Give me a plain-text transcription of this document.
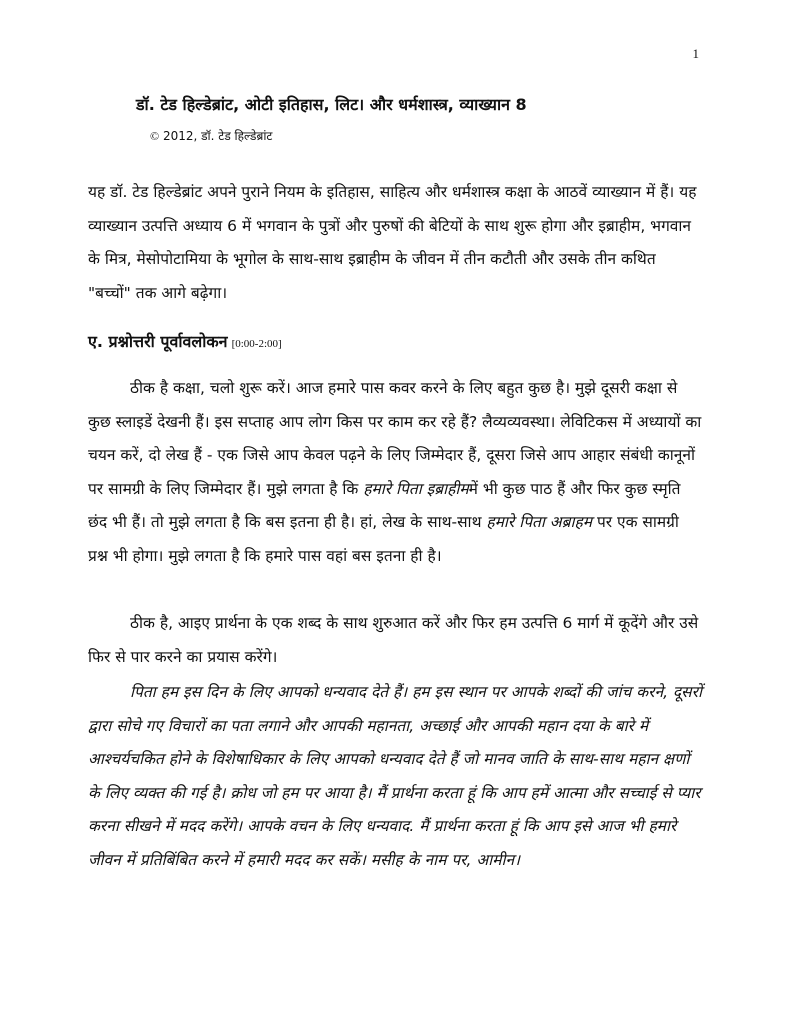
1
डॉ. टेड हिल्डेब्रांट, ओटी इतिहास, लिट। और धर्मशास्त्र, व्याख्यान 8
© 2012, डॉ. टेड हिल्डेब्रांट

यह डॉ. टेड हिल्डेब्रांट अपने पुराने नियम के इतिहास, साहित्य और धर्मशास्त्र कक्षा के आठवें व्याख्यान में हैं। यह व्याख्यान उत्पत्ति अध्याय 6 में भगवान के पुत्रों और पुरुषों की बेटियों के साथ शुरू होगा और इब्राहीम, भगवान के मित्र, मेसोपोटामिया के भूगोल के साथ-साथ इब्राहीम के जीवन में तीन कटौती और उसके तीन कथित "बच्चों" तक आगे बढ़ेगा।

ए. प्रश्नोत्तरी पूर्वावलोकन [0:00-2:00]

ठीक है कक्षा, चलो शुरू करें। आज हमारे पास कवर करने के लिए बहुत कुछ है। मुझे दूसरी कक्षा से कुछ स्लाइडें देखनी हैं। इस सप्ताह आप लोग किस पर काम कर रहे हैं? लैव्यव्यवस्था। लेविटिकस में अध्यायों का चयन करें, दो लेख हैं - एक जिसे आप केवल पढ़ने के लिए जिम्मेदार हैं, दूसरा जिसे आप आहार संबंधी कानूनों पर सामग्री के लिए जिम्मेदार हैं। मुझे लगता है कि हमारे पिता इब्राहीममें भी कुछ पाठ हैं और फिर कुछ स्मृति छंद भी हैं। तो मुझे लगता है कि बस इतना ही है। हां, लेख के साथ-साथ हमारे पिता अब्राहम पर एक सामग्री प्रश्न भी होगा। मुझे लगता है कि हमारे पास वहां बस इतना ही है।

ठीक है, आइए प्रार्थना के एक शब्द के साथ शुरुआत करें और फिर हम उत्पत्ति 6 मार्ग में कूदेंगे और उसे फिर से पार करने का प्रयास करेंगे।

पिता हम इस दिन के लिए आपको धन्यवाद देते हैं। हम इस स्थान पर आपके शब्दों की जांच करने, दूसरों द्वारा सोचे गए विचारों का पता लगाने और आपकी महानता, अच्छाई और आपकी महान दया के बारे में आश्चर्यचकित होने के विशेषाधिकार के लिए आपको धन्यवाद देते हैं जो मानव जाति के साथ-साथ महान क्षणों के लिए व्यक्त की गई है। क्रोध जो हम पर आया है। मैं प्रार्थना करता हूं कि आप हमें आत्मा और सच्चाई से प्यार करना सीखने में मदद करेंगे। आपके वचन के लिए धन्यवाद. मैं प्रार्थना करता हूं कि आप इसे आज भी हमारे जीवन में प्रतिबिंबित करने में हमारी मदद कर सकें। मसीह के नाम पर, आमीन।
